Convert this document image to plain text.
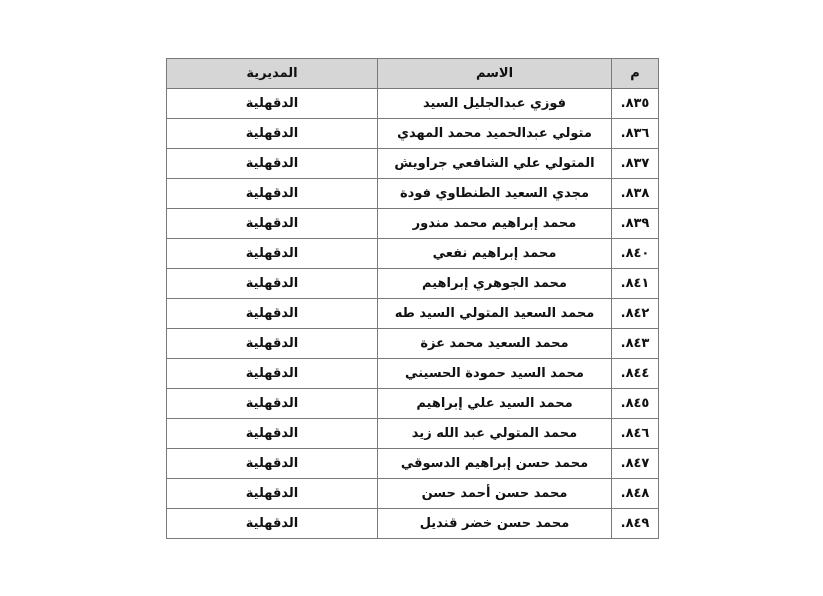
م	الاسم	المديرية
٨٣٥.	فوزي عبدالجليل السيد	الدقهلية
٨٣٦.	متولي عبدالحميد محمد المهدي	الدقهلية
٨٣٧.	المتولي علي الشافعي جراويش	الدقهلية
٨٣٨.	مجدي السعيد الطنطاوي فودة	الدقهلية
٨٣٩.	محمد إبراهيم محمد مندور	الدقهلية
٨٤٠.	محمد إبراهيم نفعي	الدقهلية
٨٤١.	محمد الجوهري إبراهيم	الدقهلية
٨٤٢.	محمد السعيد المتولي السيد طه	الدقهلية
٨٤٣.	محمد السعيد محمد عزة	الدقهلية
٨٤٤.	محمد السيد حمودة الحسيني	الدقهلية
٨٤٥.	محمد السيد علي إبراهيم	الدقهلية
٨٤٦.	محمد المتولي عبد الله زيد	الدقهلية
٨٤٧.	محمد حسن إبراهيم الدسوقي	الدقهلية
٨٤٨.	محمد حسن أحمد حسن	الدقهلية
٨٤٩.	محمد حسن خضر قنديل	الدقهلية
